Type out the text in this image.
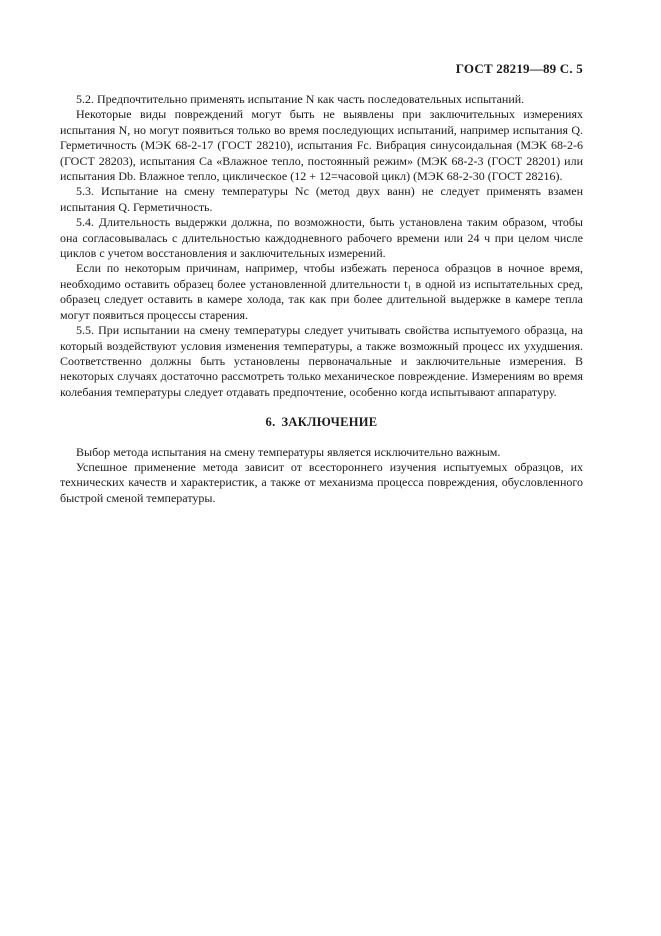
ГОСТ 28219—89 С. 5

5.2. Предпочтительно применять испытание N как часть последовательных испытаний.

Некоторые виды повреждений могут быть не выявлены при заключительных измерениях испытания N, но могут появиться только во время последующих испытаний, например испытания Q. Герметичность (МЭК 68-2-17 (ГОСТ 28210), испытания Fc. Вибрация синусоидальная (МЭК 68-2-6 (ГОСТ 28203), испытания Са «Влажное тепло, постоянный режим» (МЭК 68-2-3 (ГОСТ 28201) или испытания Db. Влажное тепло, циклическое (12 + 12=часовой цикл) (МЭК 68-2-30 (ГОСТ 28216).

5.3. Испытание на смену температуры Nc (метод двух ванн) не следует применять взамен испытания Q. Герметичность.

5.4. Длительность выдержки должна, по возможности, быть установлена таким образом, чтобы она согласовывалась с длительностью каждодневного рабочего времени или 24 ч при целом числе циклов с учетом восстановления и заключительных измерений.

Если по некоторым причинам, например, чтобы избежать переноса образцов в ночное время, необходимо оставить образец более установленной длительности t₁ в одной из испытательных сред, образец следует оставить в камере холода, так как при более длительной выдержке в камере тепла могут появиться процессы старения.

5.5. При испытании на смену температуры следует учитывать свойства испытуемого образца, на который воздействуют условия изменения температуры, а также возможный процесс их ухудшения. Соответственно должны быть установлены первоначальные и заключительные измерения. В некоторых случаях достаточно рассмотреть только механическое повреждение. Измерениям во время колебания температуры следует отдавать предпочтение, особенно когда испытывают аппаратуру.

6. ЗАКЛЮЧЕНИЕ

Выбор метода испытания на смену температуры является исключительно важным.

Успешное применение метода зависит от всестороннего изучения испытуемых образцов, их технических качеств и характеристик, а также от механизма процесса повреждения, обусловленного быстрой сменой температуры.
